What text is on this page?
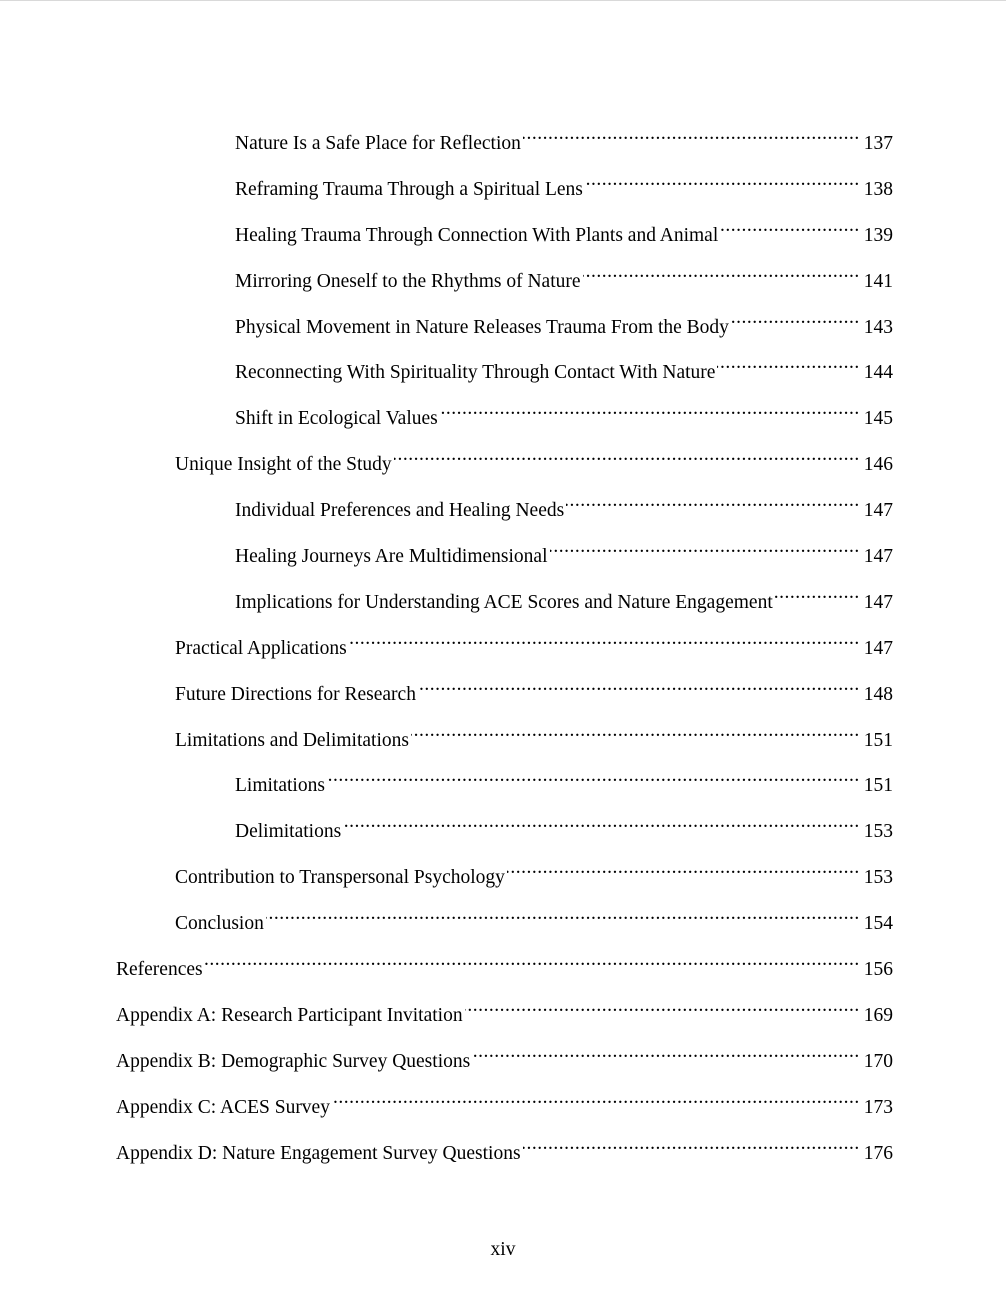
Nature Is a Safe Place for Reflection .....	137
Reframing Trauma Through a Spiritual Lens .....	138
Healing Trauma Through Connection With Plants and Animal .....	139
Mirroring Oneself to the Rhythms of Nature .....	141
Physical Movement in Nature Releases Trauma From the Body .....	143
Reconnecting With Spirituality Through Contact With Nature .....	144
Shift in Ecological Values .....	145
Unique Insight of the Study .....	146
Individual Preferences and Healing Needs .....	147
Healing Journeys Are Multidimensional .....	147
Implications for Understanding ACE Scores and Nature Engagement .....	147
Practical Applications .....	147
Future Directions for Research .....	148
Limitations and Delimitations .....	151
Limitations .....	151
Delimitations .....	153
Contribution to Transpersonal Psychology .....	153
Conclusion .....	154
References .....	156
Appendix A: Research Participant Invitation .....	169
Appendix B: Demographic Survey Questions .....	170
Appendix C: ACES Survey .....	173
Appendix D: Nature Engagement Survey Questions .....	176
xiv
